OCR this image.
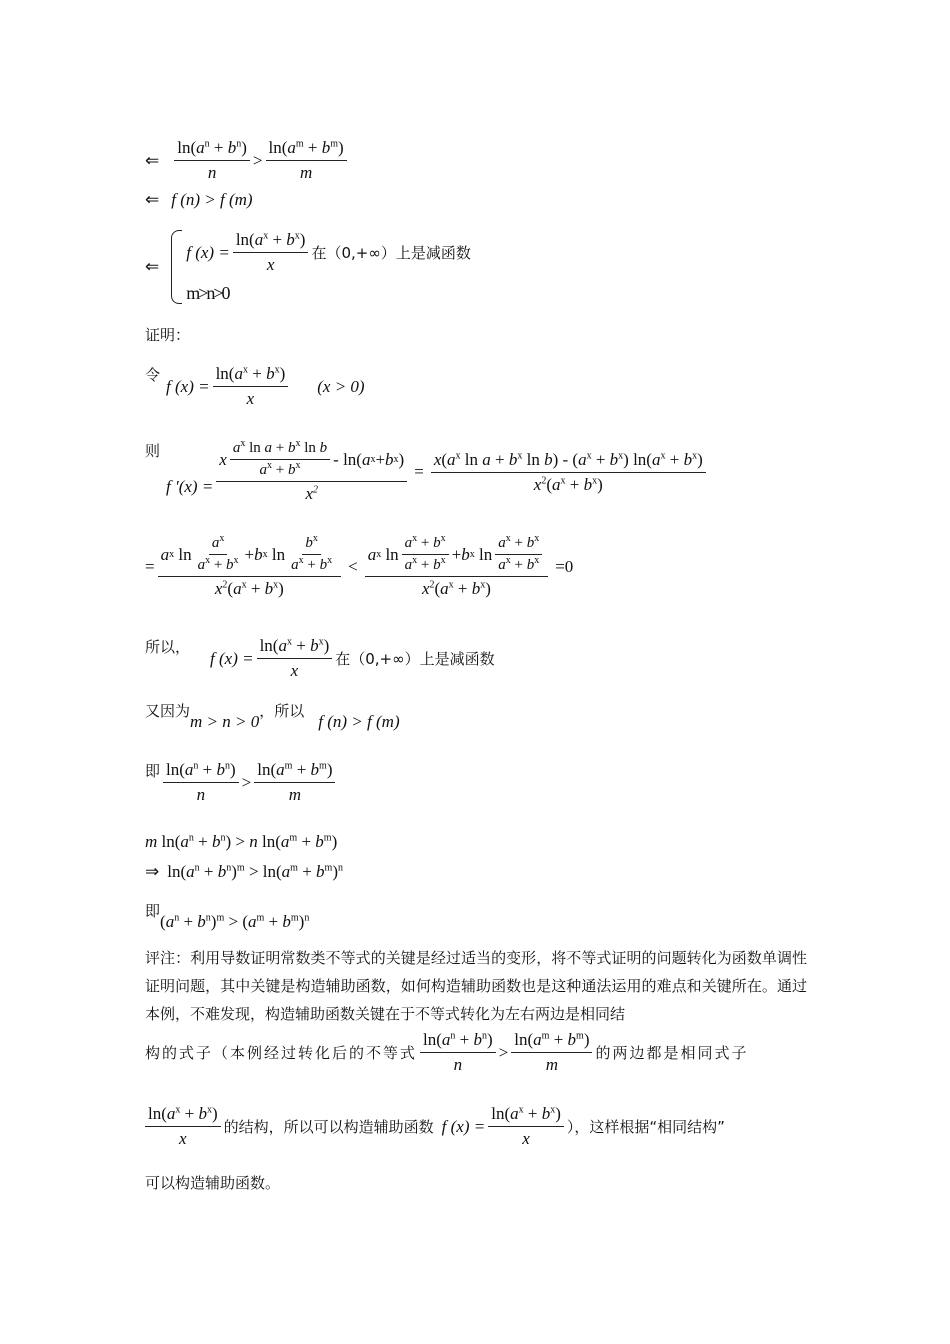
⇐ $\frac{\ln(a^n + b^n)}{n} > \frac{\ln(a^m + b^m)}{m}$
⇐ f (n) > f (m)
⇐
f $(x) = \frac{\ln(a^x + b^x)}{x}$ 在（0,+∞）上是减函数
m>n>0
证明：
令
f $(x) = \frac{\ln(a^x + b^x)}{x} (x > 0)$
则
f ′(x) =
x $\frac{a^x \ln a + b^x \ln b}{a^x + b^x} - \ln$( a x + b x )
$x^2$
= $\frac{x(a^x \ln a + b^x \ln b) - (a^x + b^x) \ln(a^x + b^x)}{x^2(a^x + b^x)}$
=
a x $\ln \frac{a^x}{a^x + b^x} + b$ x $\ln \frac{b^x}{a^x + b^x}$
$x^2(a^x + b^x)$
<
a x $\ln \frac{a^x + b^x}{a^x + b^x} + b$ x $\ln \frac{a^x + b^x}{a^x + b^x}$
$x^2(a^x + b^x)$
= 0
所以，
f $(x) = \frac{\ln(a^x + b^x)}{x}$ 在（0,+∞）上是减函数
又因为
m > n > 0
，所以
f (n) > f (m)
即 $\frac{\ln(a^n + b^n)}{n} > \frac{\ln(a^m + b^m)}{m}$
m $\ln(a^n + b^n) > n$ $\ln(a^m + b^m)$
⇒ $\ln(a^n + b^n)^m > \ln(a^m + b^m)^n$
即
$(a^n + b^n)^m > (a^m + b^m)^n$
评注：利用导数证明常数类不等式的关键是经过适当的变形，将不等式证明的问题转化为函数单调性证明问题，其中关键是构造辅助函数，如何构造辅助函数也是这种通法运用的难点和关键所在。通过本例，不难发现，构造辅助函数关键在于不等式转化为左右两边是相同结
构的式子（本例经过转化后的不等式 $\frac{\ln(a^n + b^n)}{n} > \frac{\ln(a^m + b^m)}{m}$ 的两边都是相同式子
$\frac{\ln(a^x + b^x)}{x}$ 的结构，所以可以构造辅助函数 f $(x) = \frac{\ln(a^x + b^x)}{x}$ ），这样根据“相同结构”
可以构造辅助函数。
